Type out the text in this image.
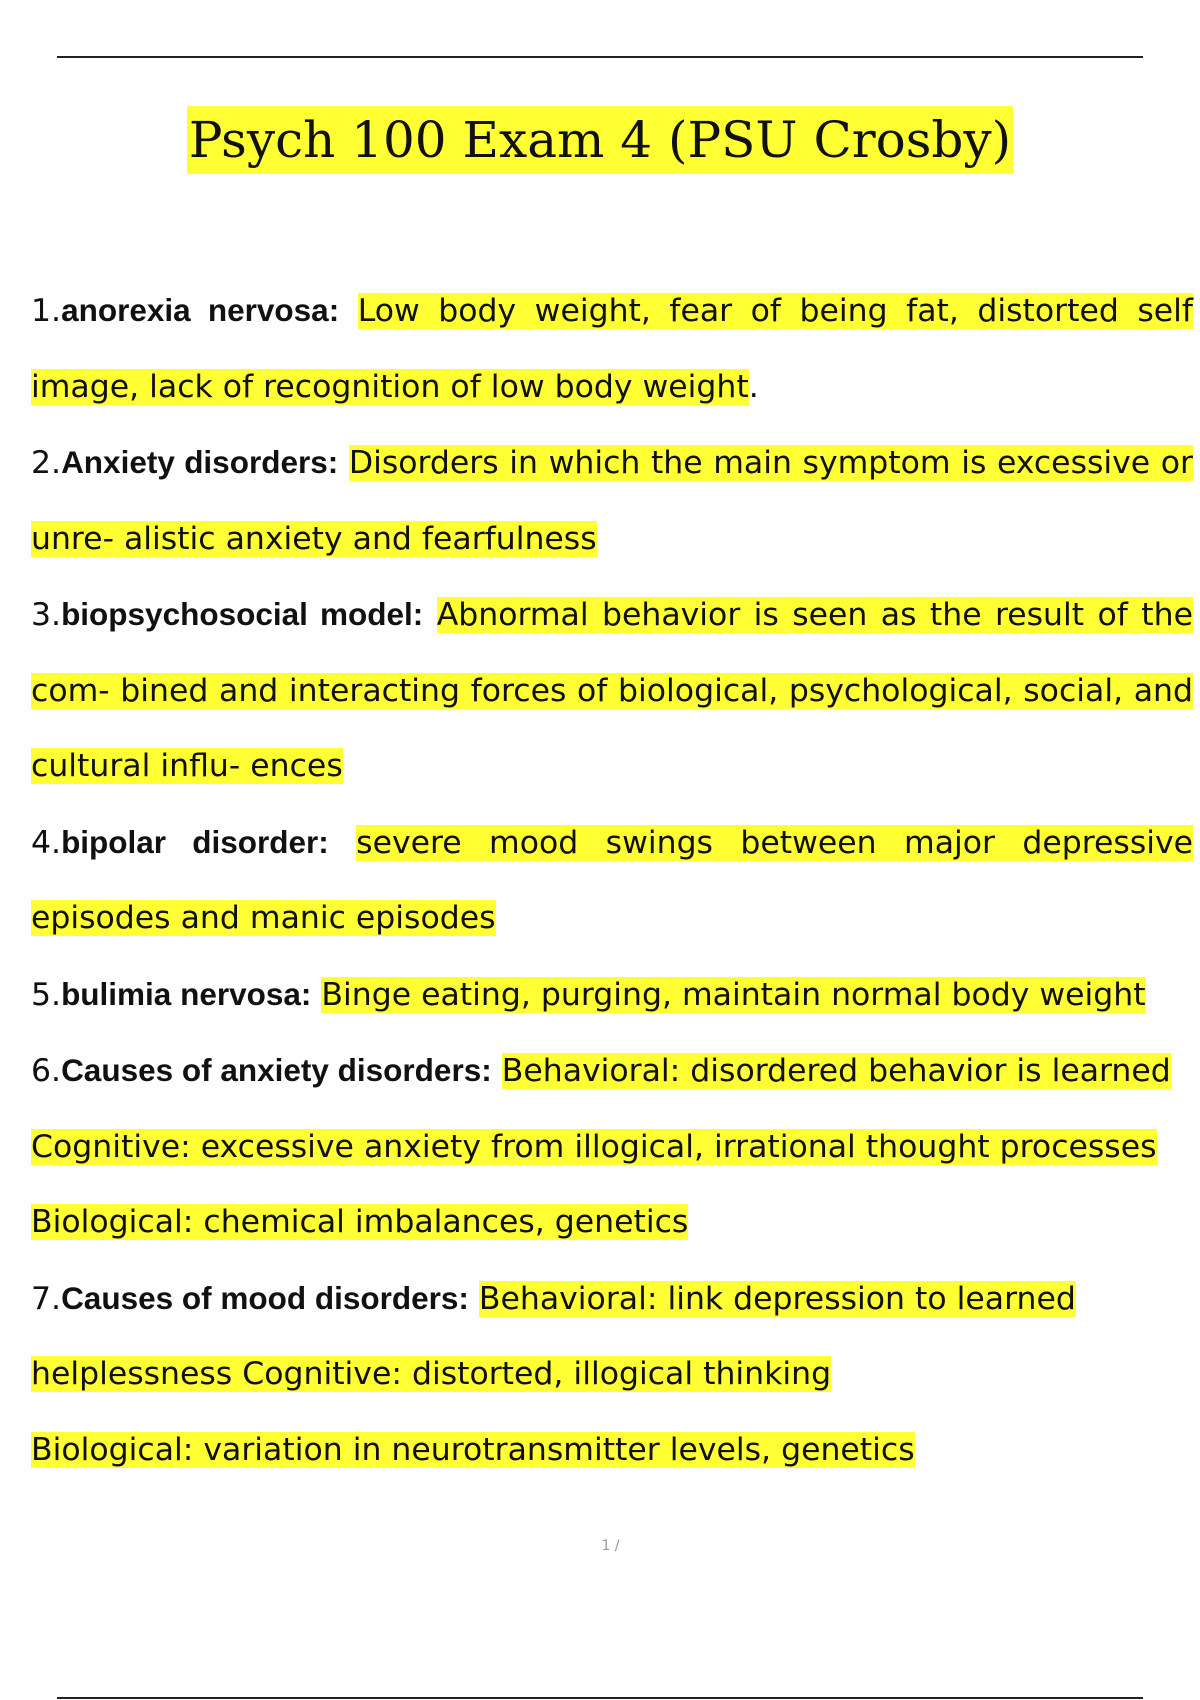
Psych 100 Exam 4 (PSU Crosby)

1.anorexia nervosa: Low body weight, fear of being fat, distorted self image, lack of recognition of low body weight.

2.Anxiety disorders: Disorders in which the main symptom is excessive or unre- alistic anxiety and fearfulness

3.biopsychosocial model: Abnormal behavior is seen as the result of the com- bined and interacting forces of biological, psychological, social, and cultural influ- ences

4.bipolar disorder: severe mood swings between major depressive episodes and manic episodes

5.bulimia nervosa: Binge eating, purging, maintain normal body weight

6.Causes of anxiety disorders: Behavioral: disordered behavior is learned Cognitive: excessive anxiety from illogical, irrational thought processes

Biological: chemical imbalances, genetics

7.Causes of mood disorders: Behavioral: link depression to learned helplessness Cognitive: distorted, illogical thinking

Biological: variation in neurotransmitter levels, genetics

1 /
